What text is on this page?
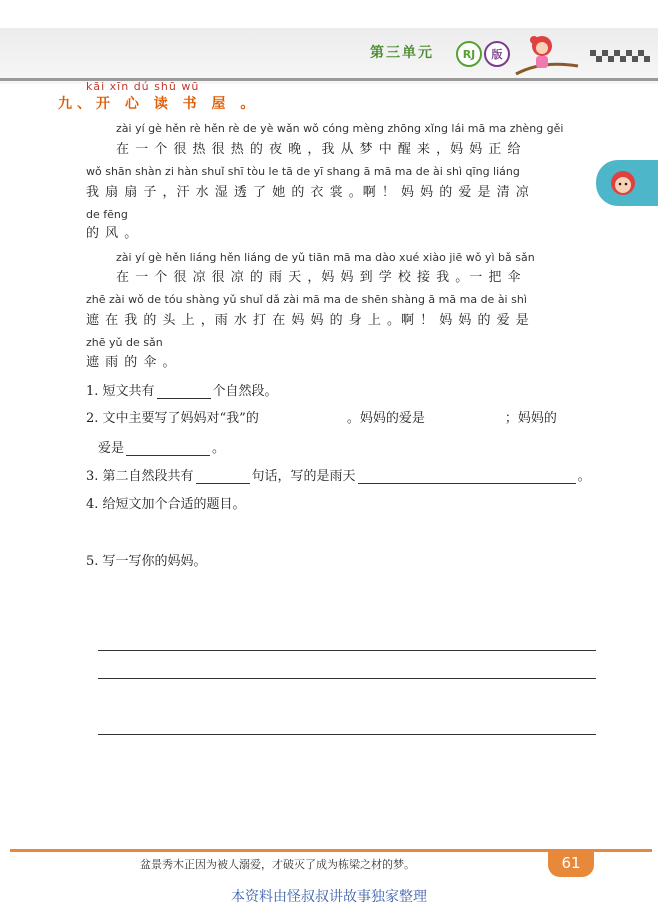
第三单元	RJ	版
kāi xīn dú shū wū
九、开 心 读 书 屋 。
zài yí gè hěn rè hěn rè de yè wǎn wǒ cóng mèng zhōng xǐng lái mā ma zhèng gěi
在 一 个 很 热 很 热 的 夜 晚 ，我 从 梦 中 醒 来 ，妈 妈 正 给
wǒ shān shàn zi hàn shuǐ shī tòu le tā de yī shang ā mā ma de ài shì qīng liáng
我 扇 扇 子 ，汗 水 湿 透 了 她 的 衣 裳 。啊 ！ 妈 妈 的 爱 是 清 凉
de fēng
的 风 。
zài yí gè hěn liáng hěn liáng de yǔ tiān mā ma dào xué xiào jiē wǒ yì bǎ sǎn
在 一 个 很 凉 很 凉 的 雨 天 ，妈 妈 到 学 校 接 我 。一 把 伞
zhē zài wǒ de tóu shàng yǔ shuǐ dǎ zài mā ma de shēn shàng ā mā ma de ài shì
遮 在 我 的 头 上 ，雨 水 打 在 妈 妈 的 身 上 。啊 ！ 妈 妈 的 爱 是
zhē yǔ de sǎn
遮 雨 的 伞 。
1. 短文共有	个自然段。
2. 文中主要写了妈妈对“我”的	。妈妈的爱是	；妈妈的
爱是	。
3. 第二自然段共有	句话，写的是雨天	。
4. 给短文加个合适的题目。
5. 写一写你的妈妈。
盆景秀木正因为被人溺爱，才破灭了成为栋梁之材的梦。	61
本资料由怪叔叔讲故事独家整理
